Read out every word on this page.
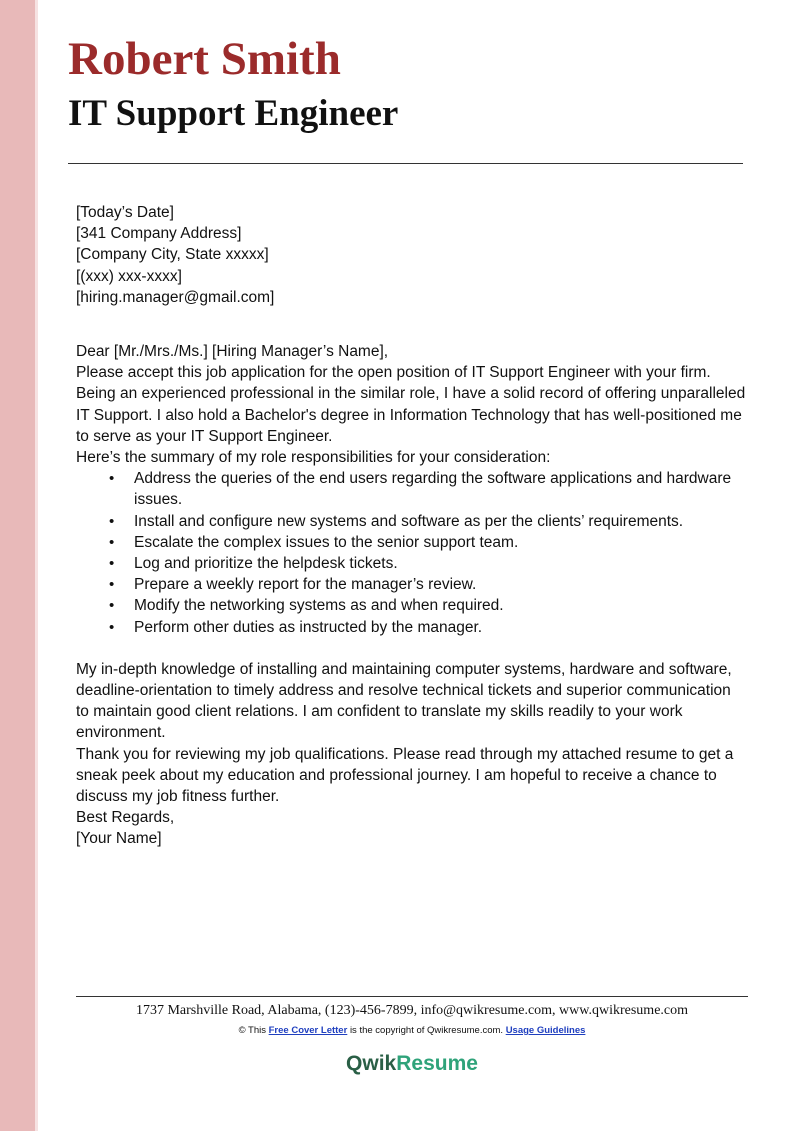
Robert Smith
IT Support Engineer

[Today’s Date]

[341 Company Address]

[Company City, State xxxxx]

[(xxx) xxx-xxxx]

[hiring.manager@gmail.com]

Dear [Mr./Mrs./Ms.] [Hiring Manager’s Name],

Please accept this job application for the open position of IT Support Engineer with your firm. Being an experienced professional in the similar role, I have a solid record of offering unparalleled IT Support. I also hold a Bachelor's degree in Information Technology that has well-positioned me to serve as your IT Support Engineer.

Here’s the summary of my role responsibilities for your consideration:

• Address the queries of the end users regarding the software applications and hardware issues.
• Install and configure new systems and software as per the clients’ requirements.
• Escalate the complex issues to the senior support team.
• Log and prioritize the helpdesk tickets.
• Prepare a weekly report for the manager’s review.
• Modify the networking systems as and when required.
• Perform other duties as instructed by the manager.

My in-depth knowledge of installing and maintaining computer systems, hardware and software, deadline-orientation to timely address and resolve technical tickets and superior communication to maintain good client relations. I am confident to translate my skills readily to your work environment.

Thank you for reviewing my job qualifications. Please read through my attached resume to get a sneak peek about my education and professional journey. I am hopeful to receive a chance to discuss my job fitness further.

Best Regards,

[Your Name]

1737 Marshville Road, Alabama, (123)-456-7899, info@qwikresume.com, www.qwikresume.com
© This Free Cover Letter is the copyright of Qwikresume.com. Usage Guidelines
QwikResume
